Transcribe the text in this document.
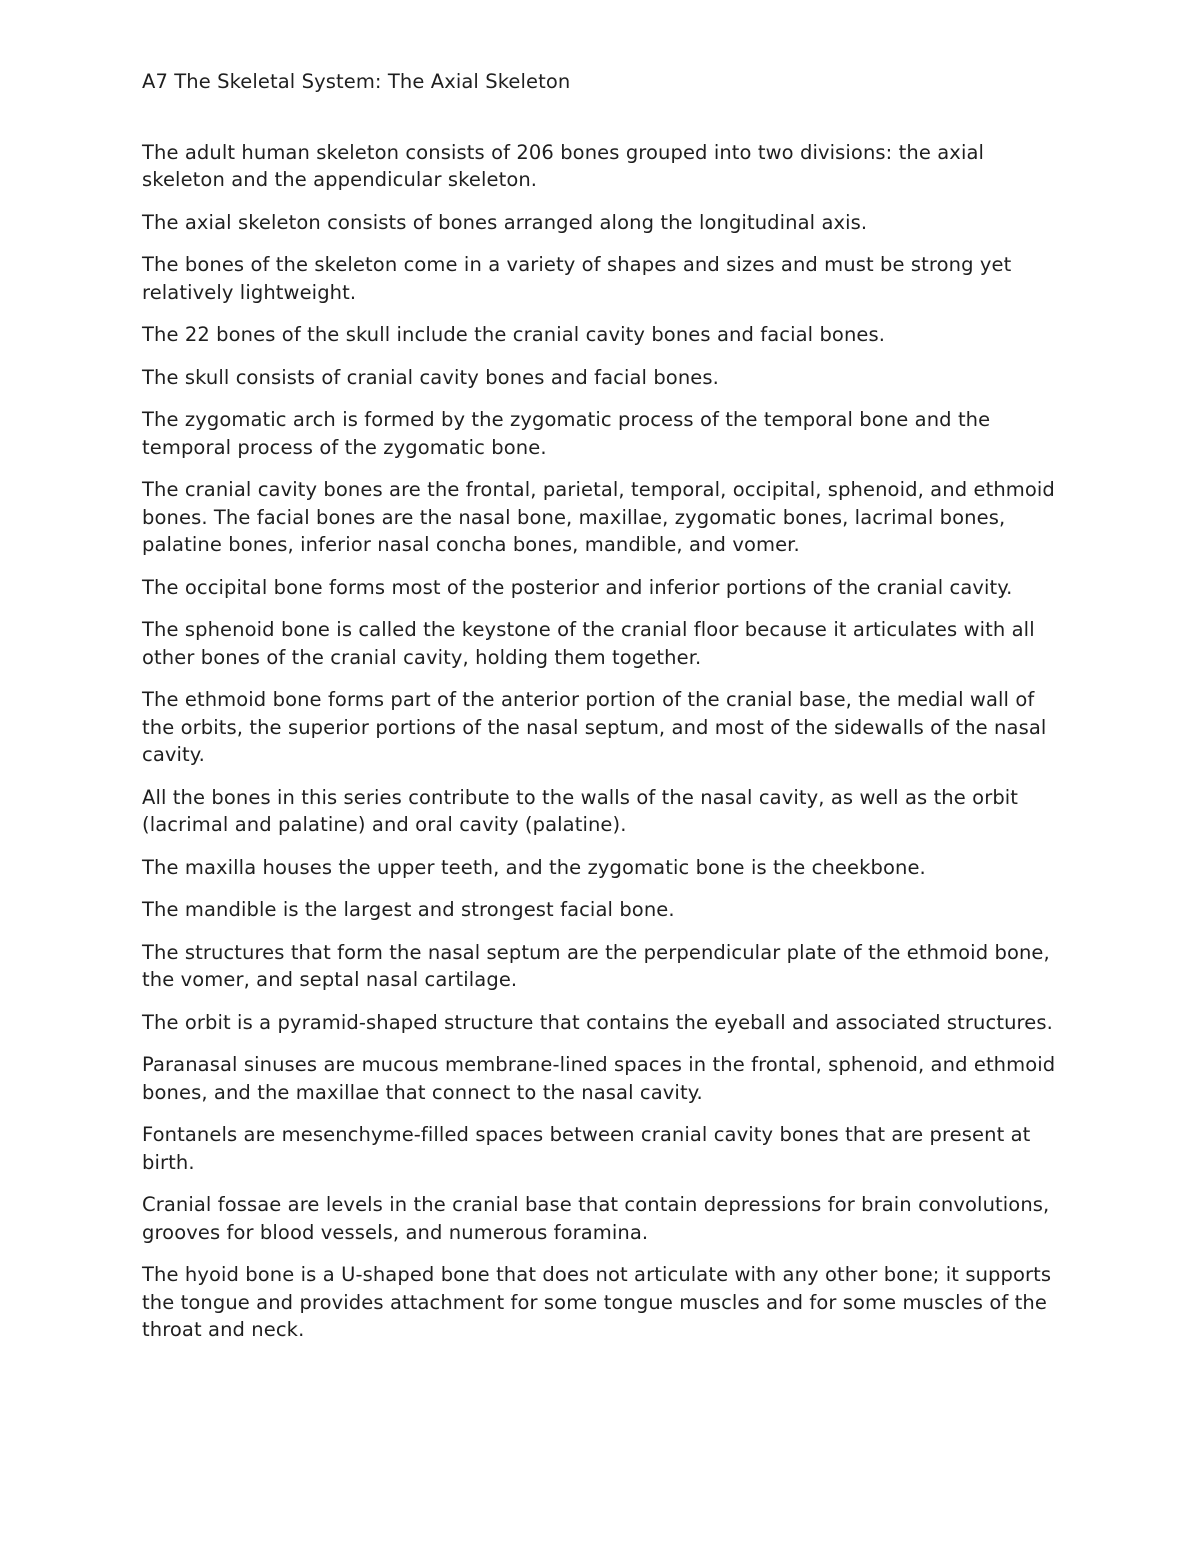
A7 The Skeletal System: The Axial Skeleton

The adult human skeleton consists of 206 bones grouped into two divisions: the axial skeleton and the appendicular skeleton.

The axial skeleton consists of bones arranged along the longitudinal axis.

The bones of the skeleton come in a variety of shapes and sizes and must be strong yet relatively lightweight.

The 22 bones of the skull include the cranial cavity bones and facial bones.

The skull consists of cranial cavity bones and facial bones.

The zygomatic arch is formed by the zygomatic process of the temporal bone and the temporal process of the zygomatic bone.

The cranial cavity bones are the frontal, parietal, temporal, occipital, sphenoid, and ethmoid bones. The facial bones are the nasal bone, maxillae, zygomatic bones, lacrimal bones, palatine bones, inferior nasal concha bones, mandible, and vomer.

The occipital bone forms most of the posterior and inferior portions of the cranial cavity.

The sphenoid bone is called the keystone of the cranial floor because it articulates with all other bones of the cranial cavity, holding them together.

The ethmoid bone forms part of the anterior portion of the cranial base, the medial wall of the orbits, the superior portions of the nasal septum, and most of the sidewalls of the nasal cavity.

All the bones in this series contribute to the walls of the nasal cavity, as well as the orbit (lacrimal and palatine) and oral cavity (palatine).

The maxilla houses the upper teeth, and the zygomatic bone is the cheekbone.

The mandible is the largest and strongest facial bone.

The structures that form the nasal septum are the perpendicular plate of the ethmoid bone, the vomer, and septal nasal cartilage.

The orbit is a pyramid-shaped structure that contains the eyeball and associated structures.

Paranasal sinuses are mucous membrane-lined spaces in the frontal, sphenoid, and ethmoid bones, and the maxillae that connect to the nasal cavity.

Fontanels are mesenchyme-filled spaces between cranial cavity bones that are present at birth.

Cranial fossae are levels in the cranial base that contain depressions for brain convolutions, grooves for blood vessels, and numerous foramina.

The hyoid bone is a U-shaped bone that does not articulate with any other bone; it supports the tongue and provides attachment for some tongue muscles and for some muscles of the throat and neck.
